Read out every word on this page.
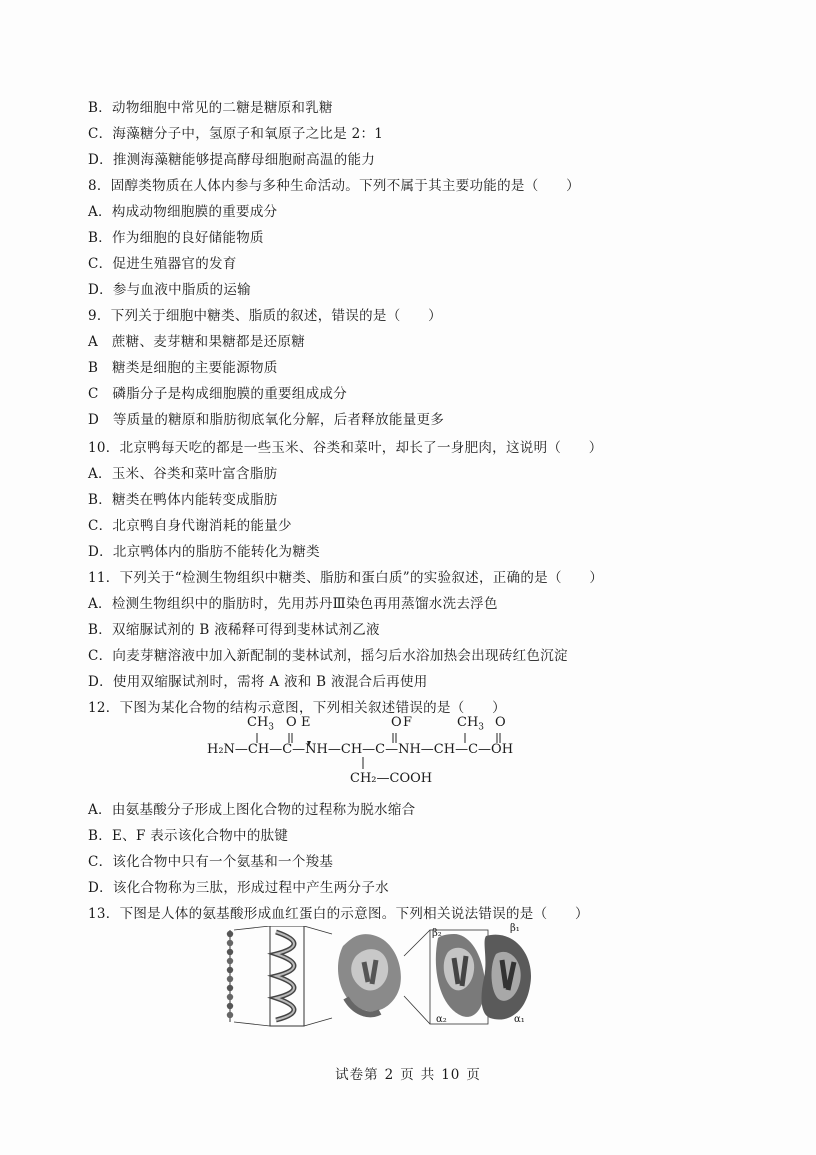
B．动物细胞中常见的二糖是糖原和乳糖
C．海藻糖分子中，氢原子和氧原子之比是 2：1
D．推测海藻糖能够提高酵母细胞耐高温的能力
8．固醇类物质在人体内参与多种生命活动。下列不属于其主要功能的是（　　）
A．构成动物细胞膜的重要成分
B．作为细胞的良好储能物质
C．促进生殖器官的发育
D．参与血液中脂质的运输
9．下列关于细胞中糖类、脂质的叙述，错误的是（　　）
A　蔗糖、麦芽糖和果糖都是还原糖
B　糖类是细胞的主要能源物质
C　磷脂分子是构成细胞膜的重要组成成分
D　等质量的糖原和脂肪彻底氧化分解，后者释放能量更多
10．北京鸭每天吃的都是一些玉米、谷类和菜叶，却长了一身肥肉，这说明（　　）
A．玉米、谷类和菜叶富含脂肪
B．糖类在鸭体内能转变成脂肪
C．北京鸭自身代谢消耗的能量少
D．北京鸭体内的脂肪不能转化为糖类
11．下列关于“检测生物组织中糖类、脂肪和蛋白质”的实验叙述，正确的是（　　）
A．检测生物组织中的脂肪时，先用苏丹Ⅲ染色再用蒸馏水洗去浮色
B．双缩脲试剂的 B 液稀释可得到斐林试剂乙液
C．向麦芽糖溶液中加入新配制的斐林试剂，摇匀后水浴加热会出现砖红色沉淀
D．使用双缩脲试剂时，需将 A 液和 B 液混合后再使用
12．下图为某化合物的结构示意图，下列相关叙述错误的是（　　）
A．由氨基酸分子形成上图化合物的过程称为脱水缩合
B．E、F 表示该化合物中的肽键
C．该化合物中只有一个氨基和一个羧基
D．该化合物称为三肽，形成过程中产生两分子水
13．下图是人体的氨基酸形成血红蛋白的示意图。下列相关说法错误的是（　　）
$CH_3$ O E	O F	$CH_3$ O
H₂N—CH—C—NH—CH—C—NH—CH—C—OH
CH₂—COOH
β₂	β₁
α₂	α₁
试卷第 2 页 共 10 页
